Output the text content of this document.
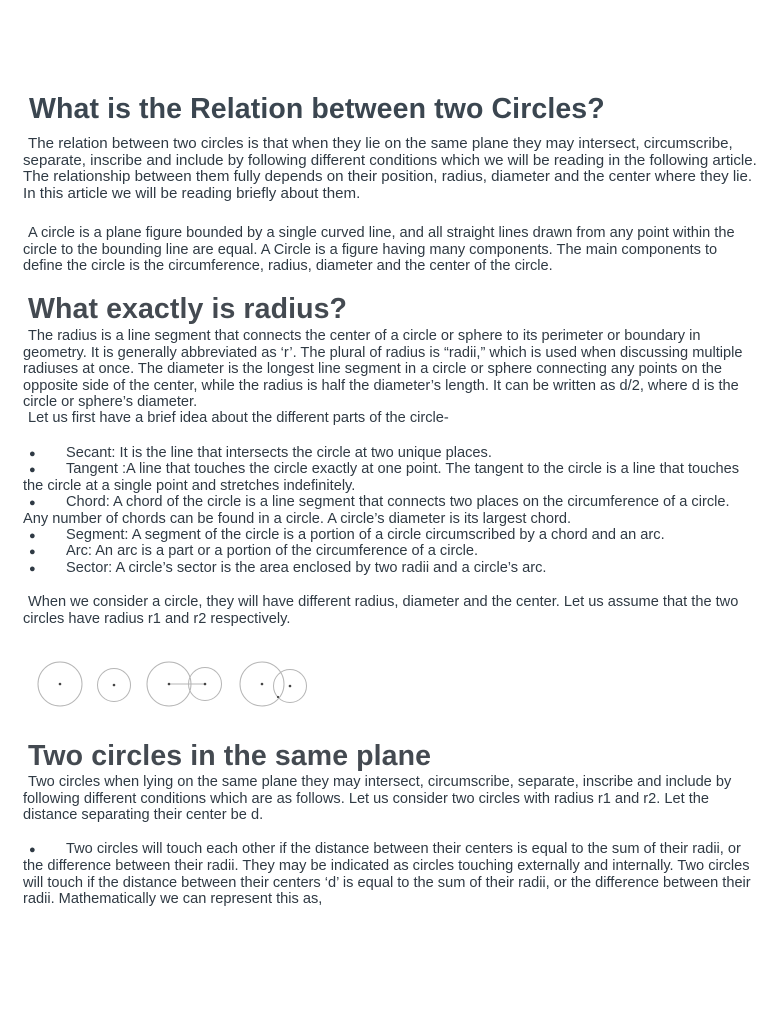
What is the Relation between two Circles?

The relation between two circles is that when they lie on the same plane they may intersect, circumscribe, separate, inscribe and include by following different conditions which we will be reading in the following article. The relationship between them fully depends on their position, radius, diameter and the center where they lie. In this article we will be reading briefly about them.

A circle is a plane figure bounded by a single curved line, and all straight lines drawn from any point within the circle to the bounding line are equal. A Circle is a figure having many components. The main components to define the circle is the circumference, radius, diameter and the center of the circle.

What exactly is radius?

The radius is a line segment that connects the center of a circle or sphere to its perimeter or boundary in geometry. It is generally abbreviated as ‘r’. The plural of radius is “radii,” which is used when discussing multiple radiuses at once. The diameter is the longest line segment in a circle or sphere connecting any points on the opposite side of the center, while the radius is half the diameter’s length. It can be written as d/2, where d is the circle or sphere’s diameter.

Let us first have a brief idea about the different parts of the circle-

● Secant: It is the line that intersects the circle at two unique places.

● Tangent :A line that touches the circle exactly at one point. The tangent to the circle is a line that touches the circle at a single point and stretches indefinitely.

● Chord: A chord of the circle is a line segment that connects two places on the circumference of a circle. Any number of chords can be found in a circle. A circle’s diameter is its largest chord.

● Segment: A segment of the circle is a portion of a circle circumscribed by a chord and an arc.

● Arc: An arc is a part or a portion of the circumference of a circle.

● Sector: A circle’s sector is the area enclosed by two radii and a circle’s arc.

When we consider a circle, they will have different radius, diameter and the center. Let us assume that the two circles have radius r1 and r2 respectively.

Two circles in the same plane

Two circles when lying on the same plane they may intersect, circumscribe, separate, inscribe and include by following different conditions which are as follows. Let us consider two circles with radius r1 and r2. Let the distance separating their center be d.

● Two circles will touch each other if the distance between their centers is equal to the sum of their radii, or the difference between their radii. They may be indicated as circles touching externally and internally. Two circles will touch if the distance between their centers ‘d’ is equal to the sum of their radii, or the difference between their radii. Mathematically we can represent this as,
